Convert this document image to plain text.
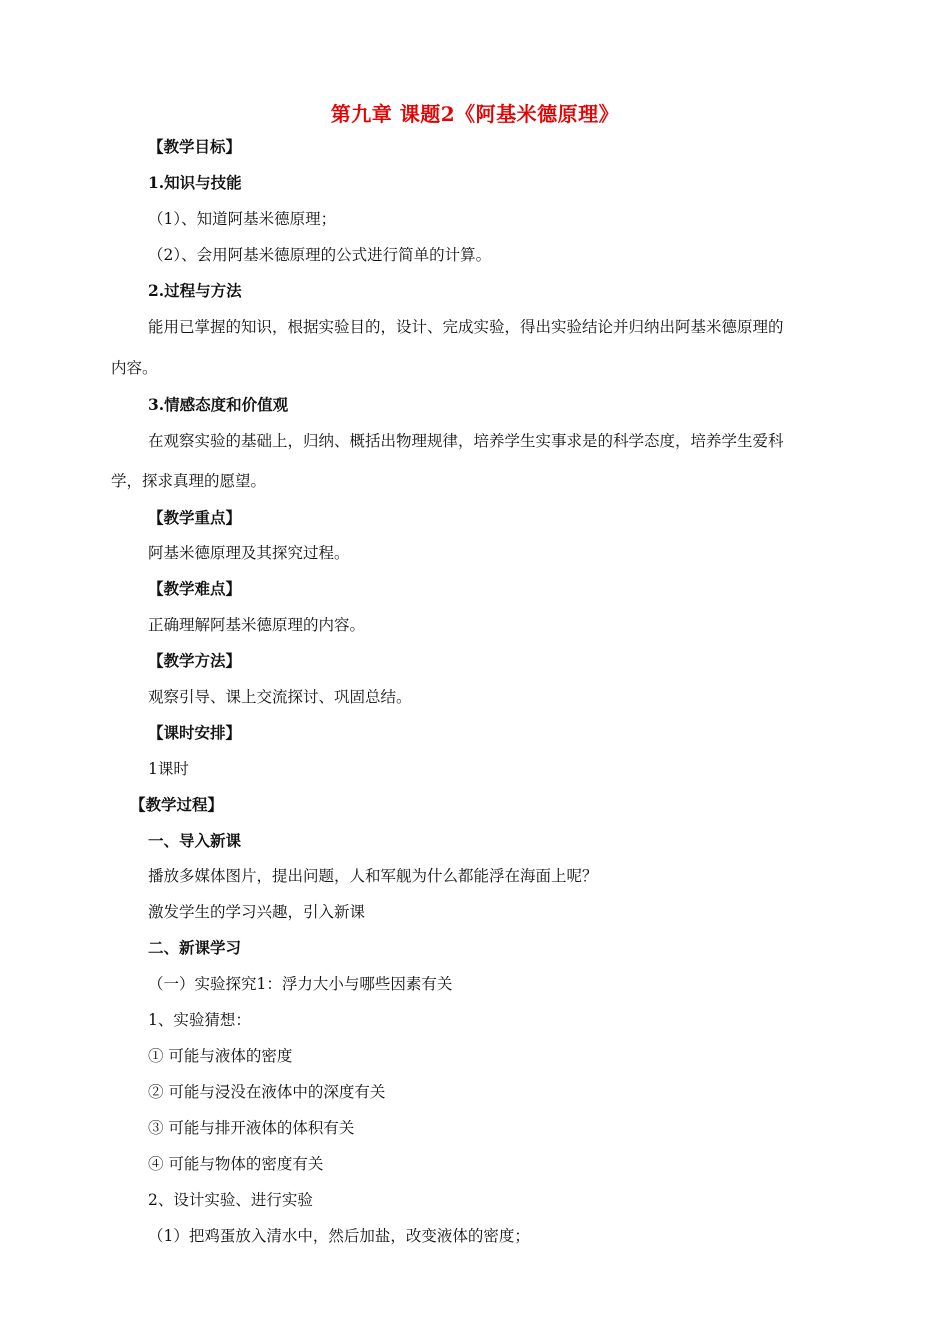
第九章 课题2《阿基米德原理》
【教学目标】
1.知识与技能
（1）、知道阿基米德原理；
（2）、会用阿基米德原理的公式进行简单的计算。
2.过程与方法
能用已掌握的知识，根据实验目的，设计、完成实验，得出实验结论并归纳出阿基米德原理的
内容。
3.情感态度和价值观
在观察实验的基础上，归纳、概括出物理规律，培养学生实事求是的科学态度，培养学生爱科
学，探求真理的愿望。
【教学重点】
阿基米德原理及其探究过程。
【教学难点】
正确理解阿基米德原理的内容。
【教学方法】
观察引导、课上交流探讨、巩固总结。
【课时安排】
1课时
【教学过程】
一、导入新课
播放多媒体图片，提出问题，人和军舰为什么都能浮在海面上呢？
激发学生的学习兴趣，引入新课
二、新课学习
（一）实验探究1：浮力大小与哪些因素有关
1、实验猜想：
① 可能与液体的密度
② 可能与浸没在液体中的深度有关
③ 可能与排开液体的体积有关
④ 可能与物体的密度有关
2、设计实验、进行实验
（1）把鸡蛋放入清水中，然后加盐，改变液体的密度；
